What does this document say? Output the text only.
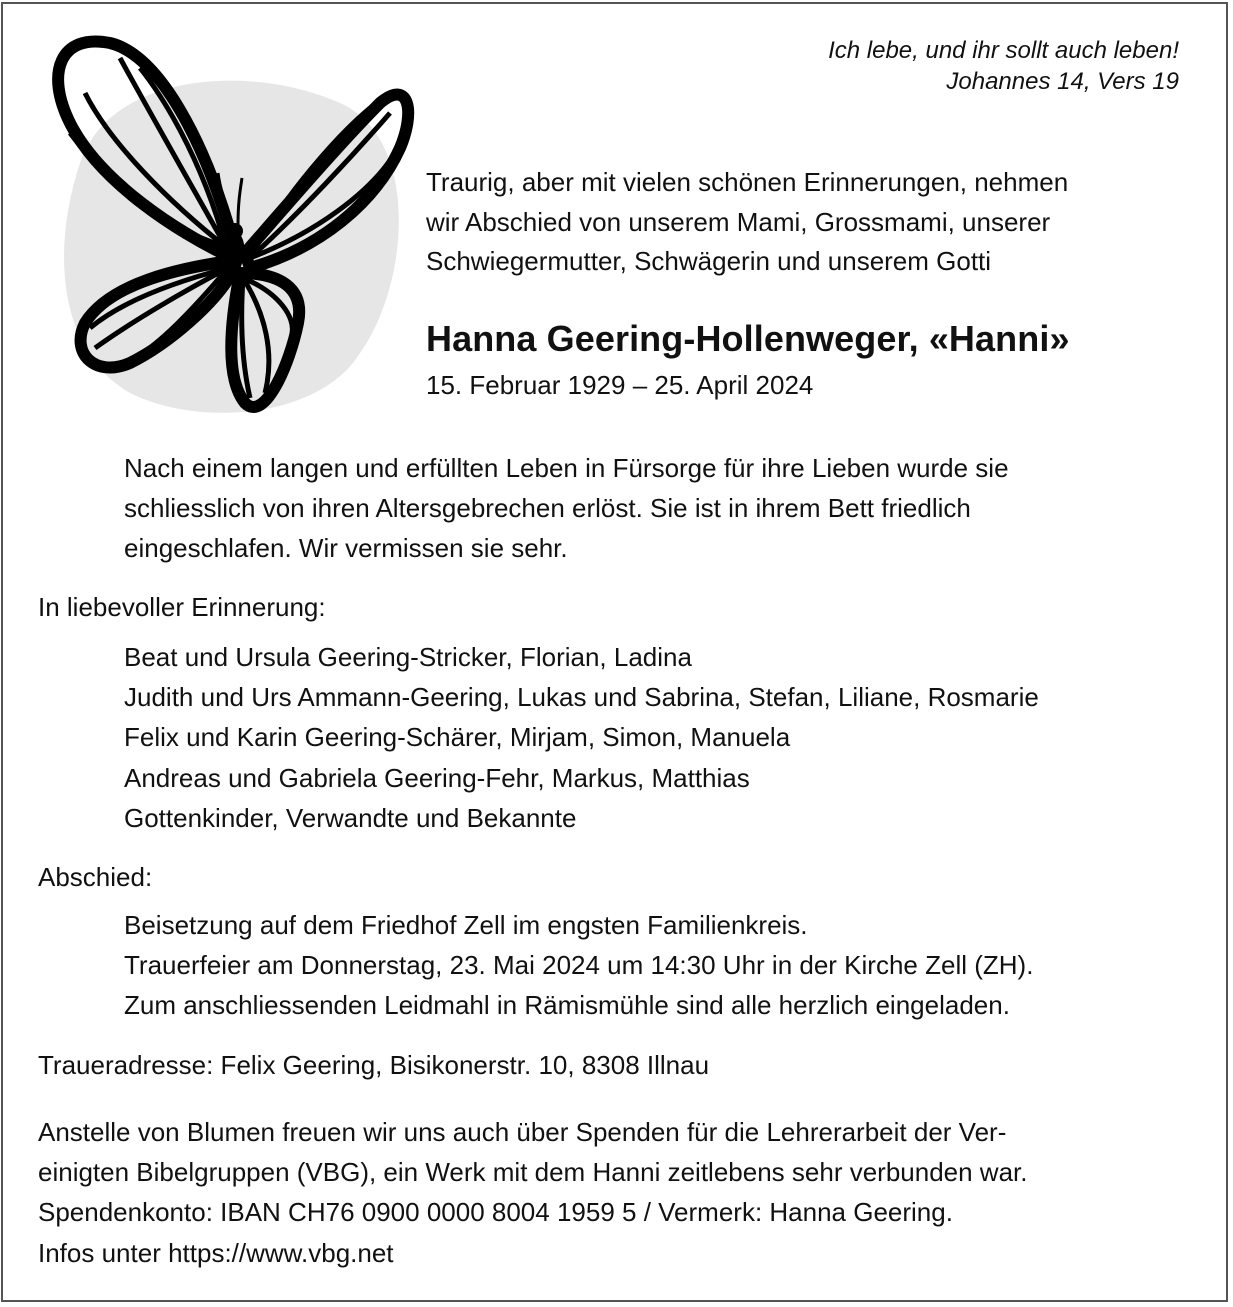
Ich lebe, und ihr sollt auch leben!
Johannes 14, Vers 19
Traurig, aber mit vielen schönen Erinnerungen, nehmen
wir Abschied von unserem Mami, Grossmami, unserer
Schwiegermutter, Schwägerin und unserem Gotti
Hanna Geering-Hollenweger, «Hanni»
15. Februar 1929 – 25. April 2024
Nach einem langen und erfüllten Leben in Fürsorge für ihre Lieben wurde sie
schliesslich von ihren Altersgebrechen erlöst. Sie ist in ihrem Bett friedlich
eingeschlafen. Wir vermissen sie sehr.
In liebevoller Erinnerung:
Beat und Ursula Geering-Stricker, Florian, Ladina
Judith und Urs Ammann-Geering, Lukas und Sabrina, Stefan, Liliane, Rosmarie
Felix und Karin Geering-Schärer, Mirjam, Simon, Manuela
Andreas und Gabriela Geering-Fehr, Markus, Matthias
Gottenkinder, Verwandte und Bekannte
Abschied:
Beisetzung auf dem Friedhof Zell im engsten Familienkreis.
Trauerfeier am Donnerstag, 23. Mai 2024 um 14:30 Uhr in der Kirche Zell (ZH).
Zum anschliessenden Leidmahl in Rämismühle sind alle herzlich eingeladen.
Traueradresse: Felix Geering, Bisikonerstr. 10, 8308 Illnau
Anstelle von Blumen freuen wir uns auch über Spenden für die Lehrerarbeit der Ver-
einigten Bibelgruppen (VBG), ein Werk mit dem Hanni zeitlebens sehr verbunden war.
Spendenkonto: IBAN CH76 0900 0000 8004 1959 5 / Vermerk: Hanna Geering.
Infos unter https://www.vbg.net
